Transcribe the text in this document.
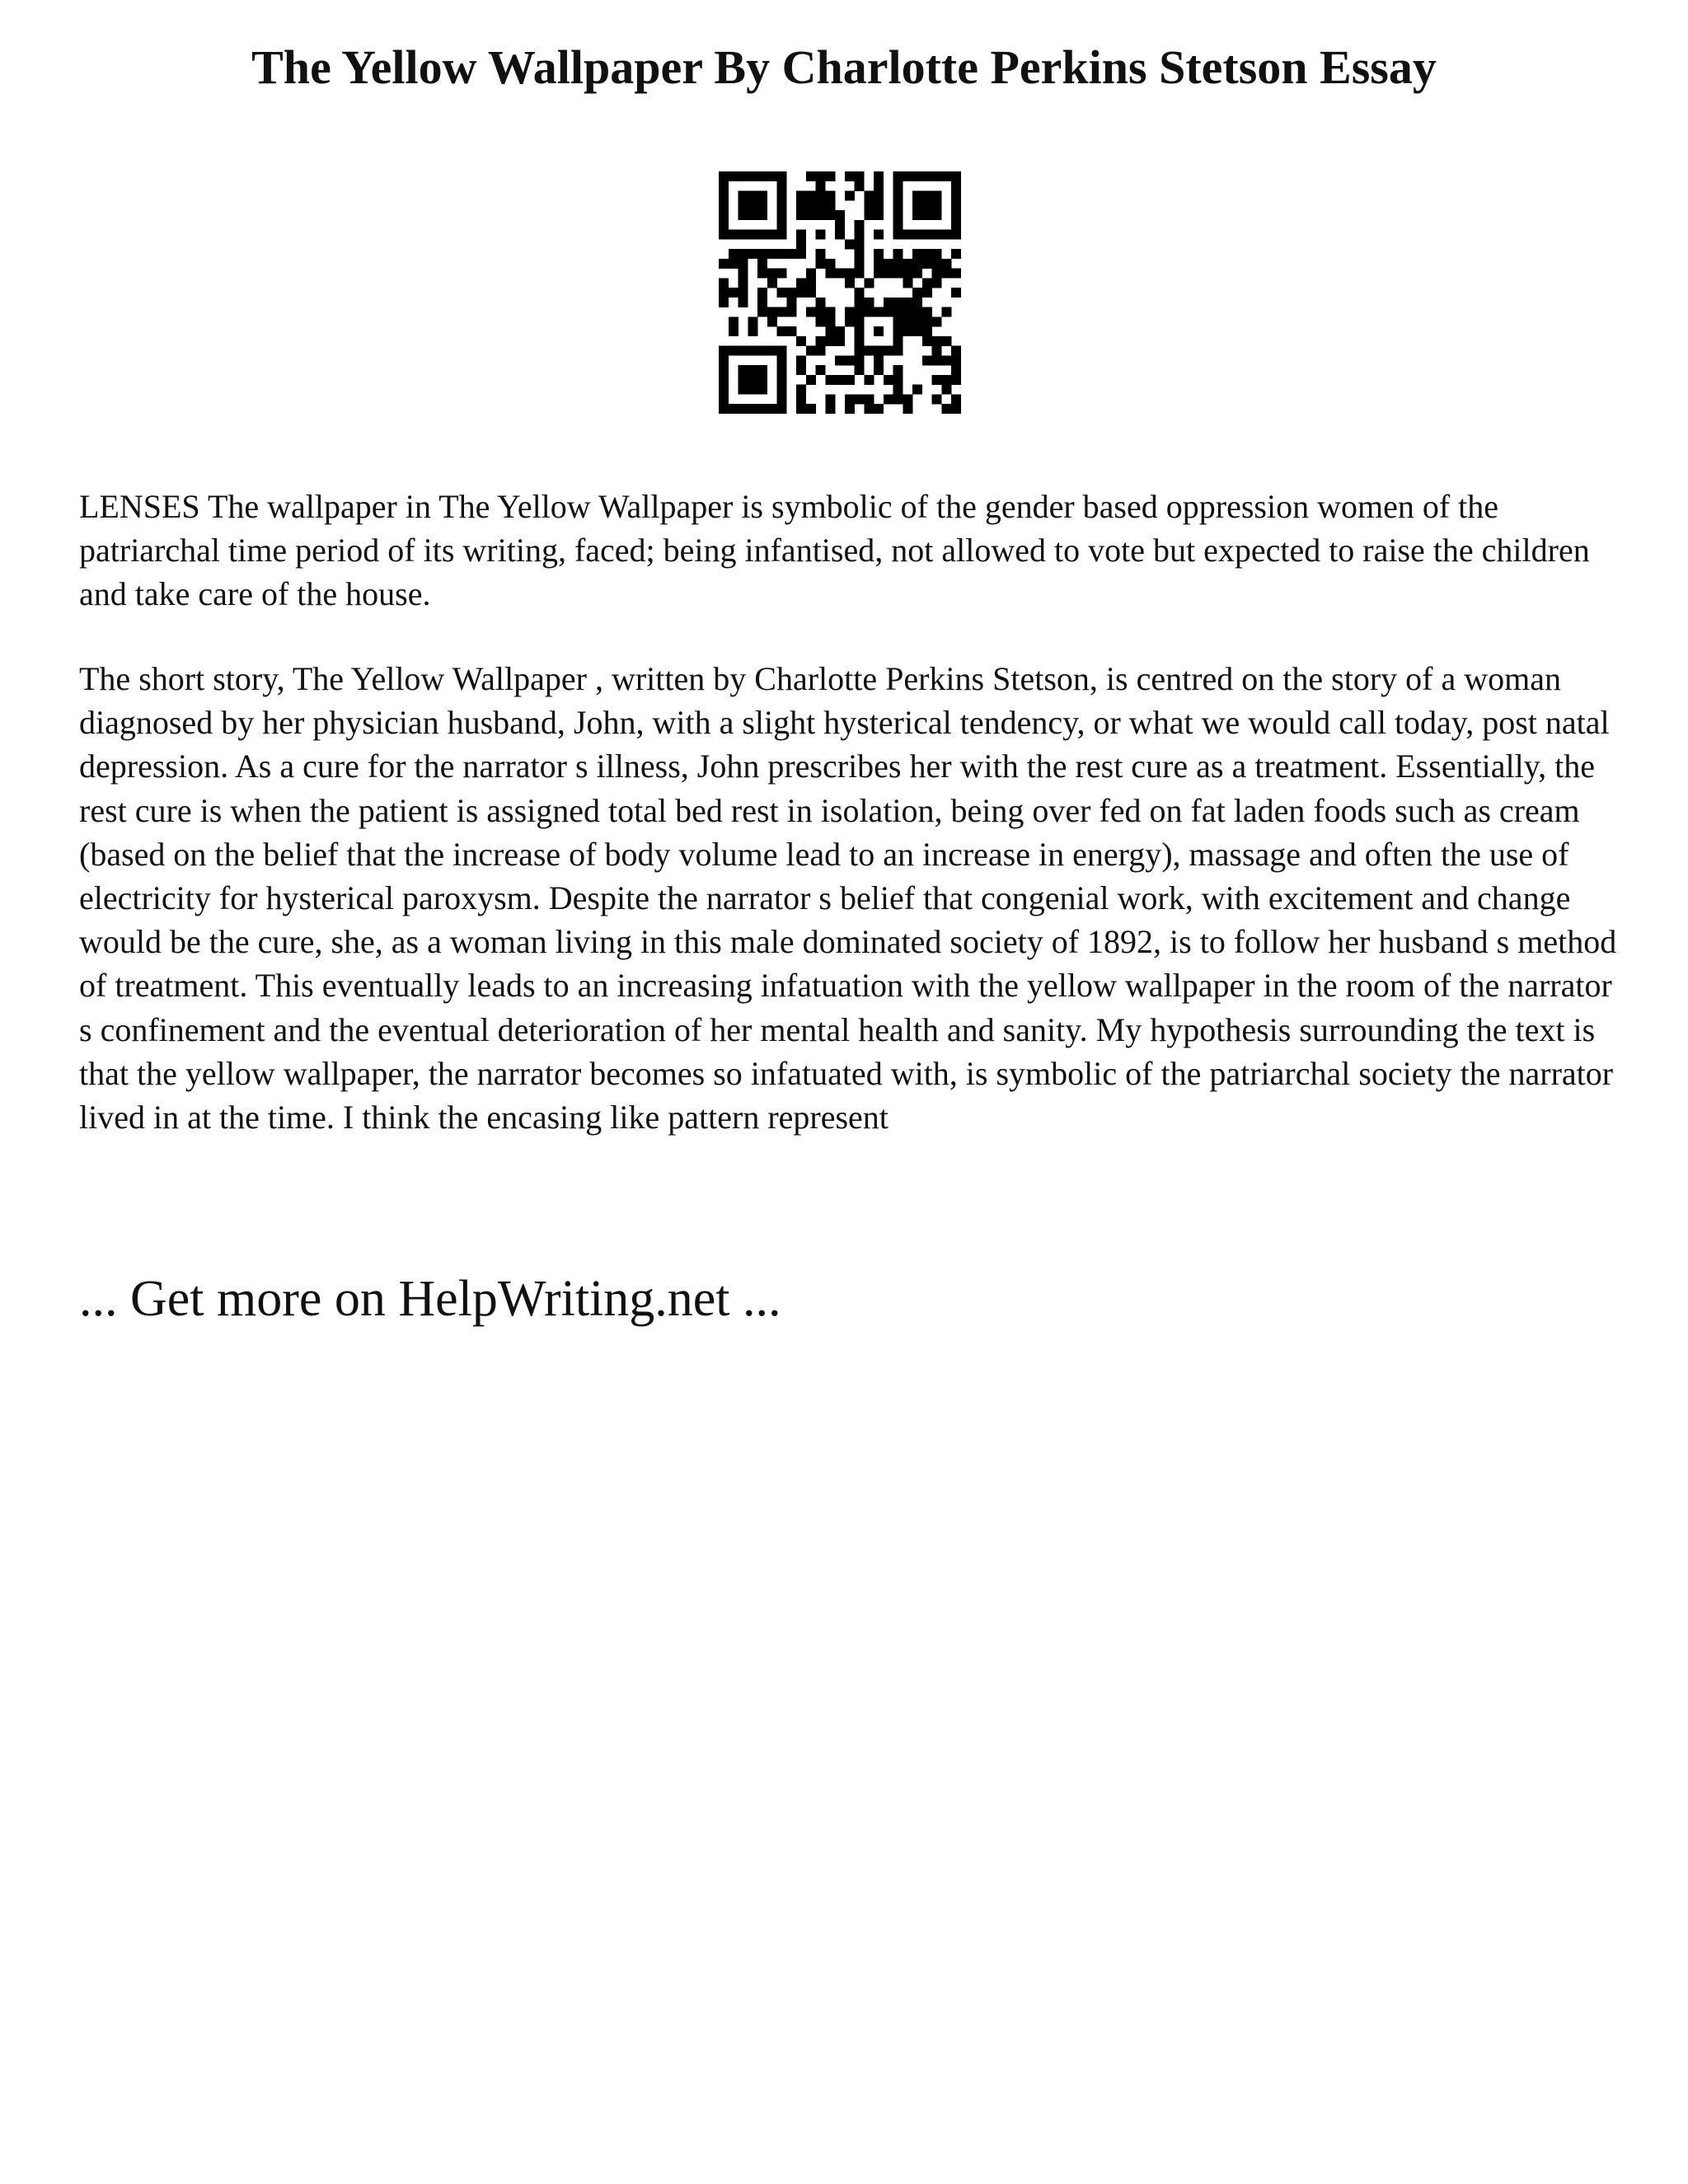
The Yellow Wallpaper By Charlotte Perkins Stetson Essay

LENSES The wallpaper in The Yellow Wallpaper is symbolic of the gender based oppression women of the patriarchal time period of its writing, faced; being infantised, not allowed to vote but expected to raise the children and take care of the house.

The short story, The Yellow Wallpaper , written by Charlotte Perkins Stetson, is centred on the story of a woman diagnosed by her physician husband, John, with a slight hysterical tendency, or what we would call today, post natal depression. As a cure for the narrator s illness, John prescribes her with the rest cure as a treatment. Essentially, the rest cure is when the patient is assigned total bed rest in isolation, being over fed on fat laden foods such as cream (based on the belief that the increase of body volume lead to an increase in energy), massage and often the use of electricity for hysterical paroxysm. Despite the narrator s belief that congenial work, with excitement and change would be the cure, she, as a woman living in this male dominated society of 1892, is to follow her husband s method of treatment. This eventually leads to an increasing infatuation with the yellow wallpaper in the room of the narrator s confinement and the eventual deterioration of her mental health and sanity. My hypothesis surrounding the text is that the yellow wallpaper, the narrator becomes so infatuated with, is symbolic of the patriarchal society the narrator lived in at the time. I think the encasing like pattern represent

... Get more on HelpWriting.net ...
